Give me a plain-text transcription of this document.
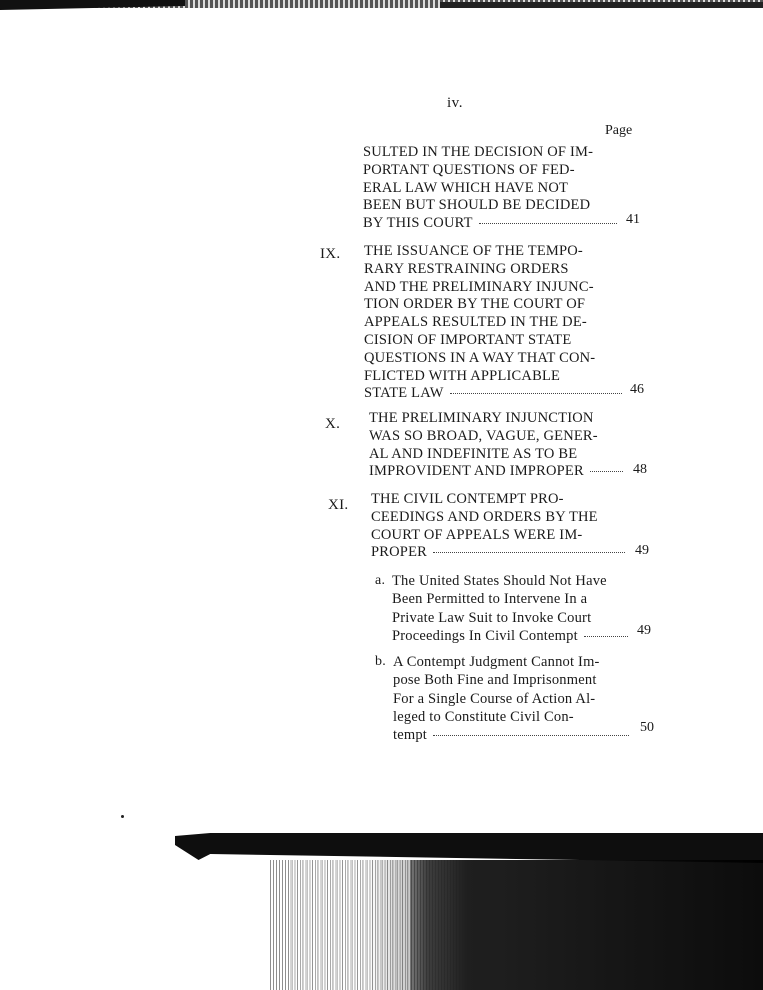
iv.
Page
SULTED IN THE DECISION OF IM-
PORTANT QUESTIONS OF FED-
ERAL LAW WHICH HAVE NOT
BEEN BUT SHOULD BE DECIDED
BY THIS COURT	41
IX. THE ISSUANCE OF THE TEMPO-
RARY RESTRAINING ORDERS
AND THE PRELIMINARY INJUNC-
TION ORDER BY THE COURT OF
APPEALS RESULTED IN THE DE-
CISION OF IMPORTANT STATE
QUESTIONS IN A WAY THAT CON-
FLICTED WITH APPLICABLE
STATE LAW	46
X. THE PRELIMINARY INJUNCTION
WAS SO BROAD, VAGUE, GENER-
AL AND INDEFINITE AS TO BE
IMPROVIDENT AND IMPROPER	48
XI. THE CIVIL CONTEMPT PRO-
CEEDINGS AND ORDERS BY THE
COURT OF APPEALS WERE IM-
PROPER	49
a. The United States Should Not Have
Been Permitted to Intervene In a
Private Law Suit to Invoke Court
Proceedings In Civil Contempt	49
b. A Contempt Judgment Cannot Im-
pose Both Fine and Imprisonment
For a Single Course of Action Al-
leged to Constitute Civil Con-
tempt	50
